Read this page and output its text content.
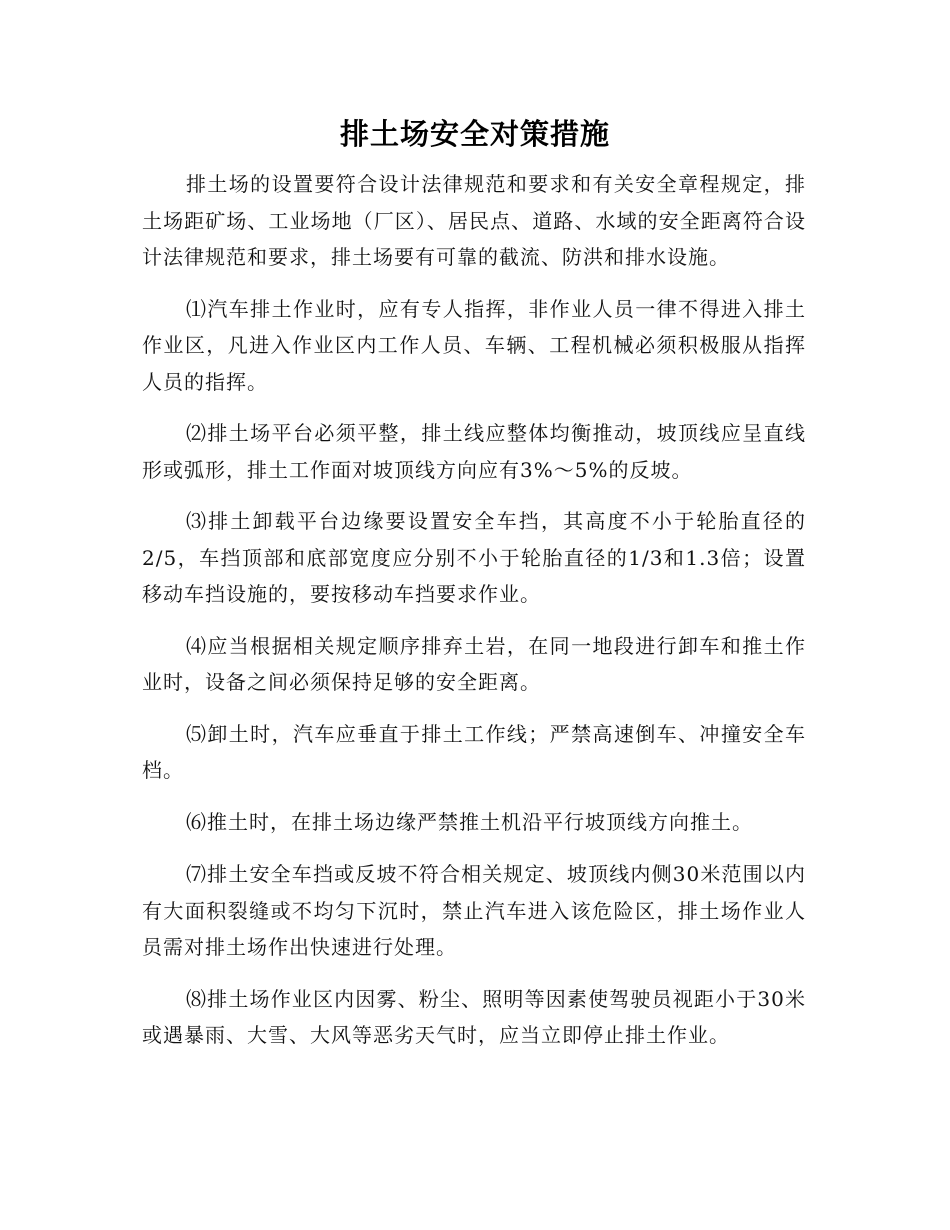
排土场安全对策措施

排土场的设置要符合设计法律规范和要求和有关安全章程规定，排土场距矿场、工业场地（厂区）、居民点、道路、水域的安全距离符合设计法律规范和要求，排土场要有可靠的截流、防洪和排水设施。

⑴汽车排土作业时，应有专人指挥，非作业人员一律不得进入排土作业区，凡进入作业区内工作人员、车辆、工程机械必须积极服从指挥人员的指挥。

⑵排土场平台必须平整，排土线应整体均衡推动，坡顶线应呈直线形或弧形，排土工作面对坡顶线方向应有3%～5%的反坡。

⑶排土卸载平台边缘要设置安全车挡，其高度不小于轮胎直径的2/5，车挡顶部和底部宽度应分别不小于轮胎直径的1/3和1.3倍；设置移动车挡设施的，要按移动车挡要求作业。

⑷应当根据相关规定顺序排弃土岩，在同一地段进行卸车和推土作业时，设备之间必须保持足够的安全距离。

⑸卸土时，汽车应垂直于排土工作线；严禁高速倒车、冲撞安全车档。

⑹推土时，在排土场边缘严禁推土机沿平行坡顶线方向推土。

⑺排土安全车挡或反坡不符合相关规定、坡顶线内侧30米范围以内有大面积裂缝或不均匀下沉时，禁止汽车进入该危险区，排土场作业人员需对排土场作出快速进行处理。

⑻排土场作业区内因雾、粉尘、照明等因素使驾驶员视距小于30米或遇暴雨、大雪、大风等恶劣天气时，应当立即停止排土作业。
